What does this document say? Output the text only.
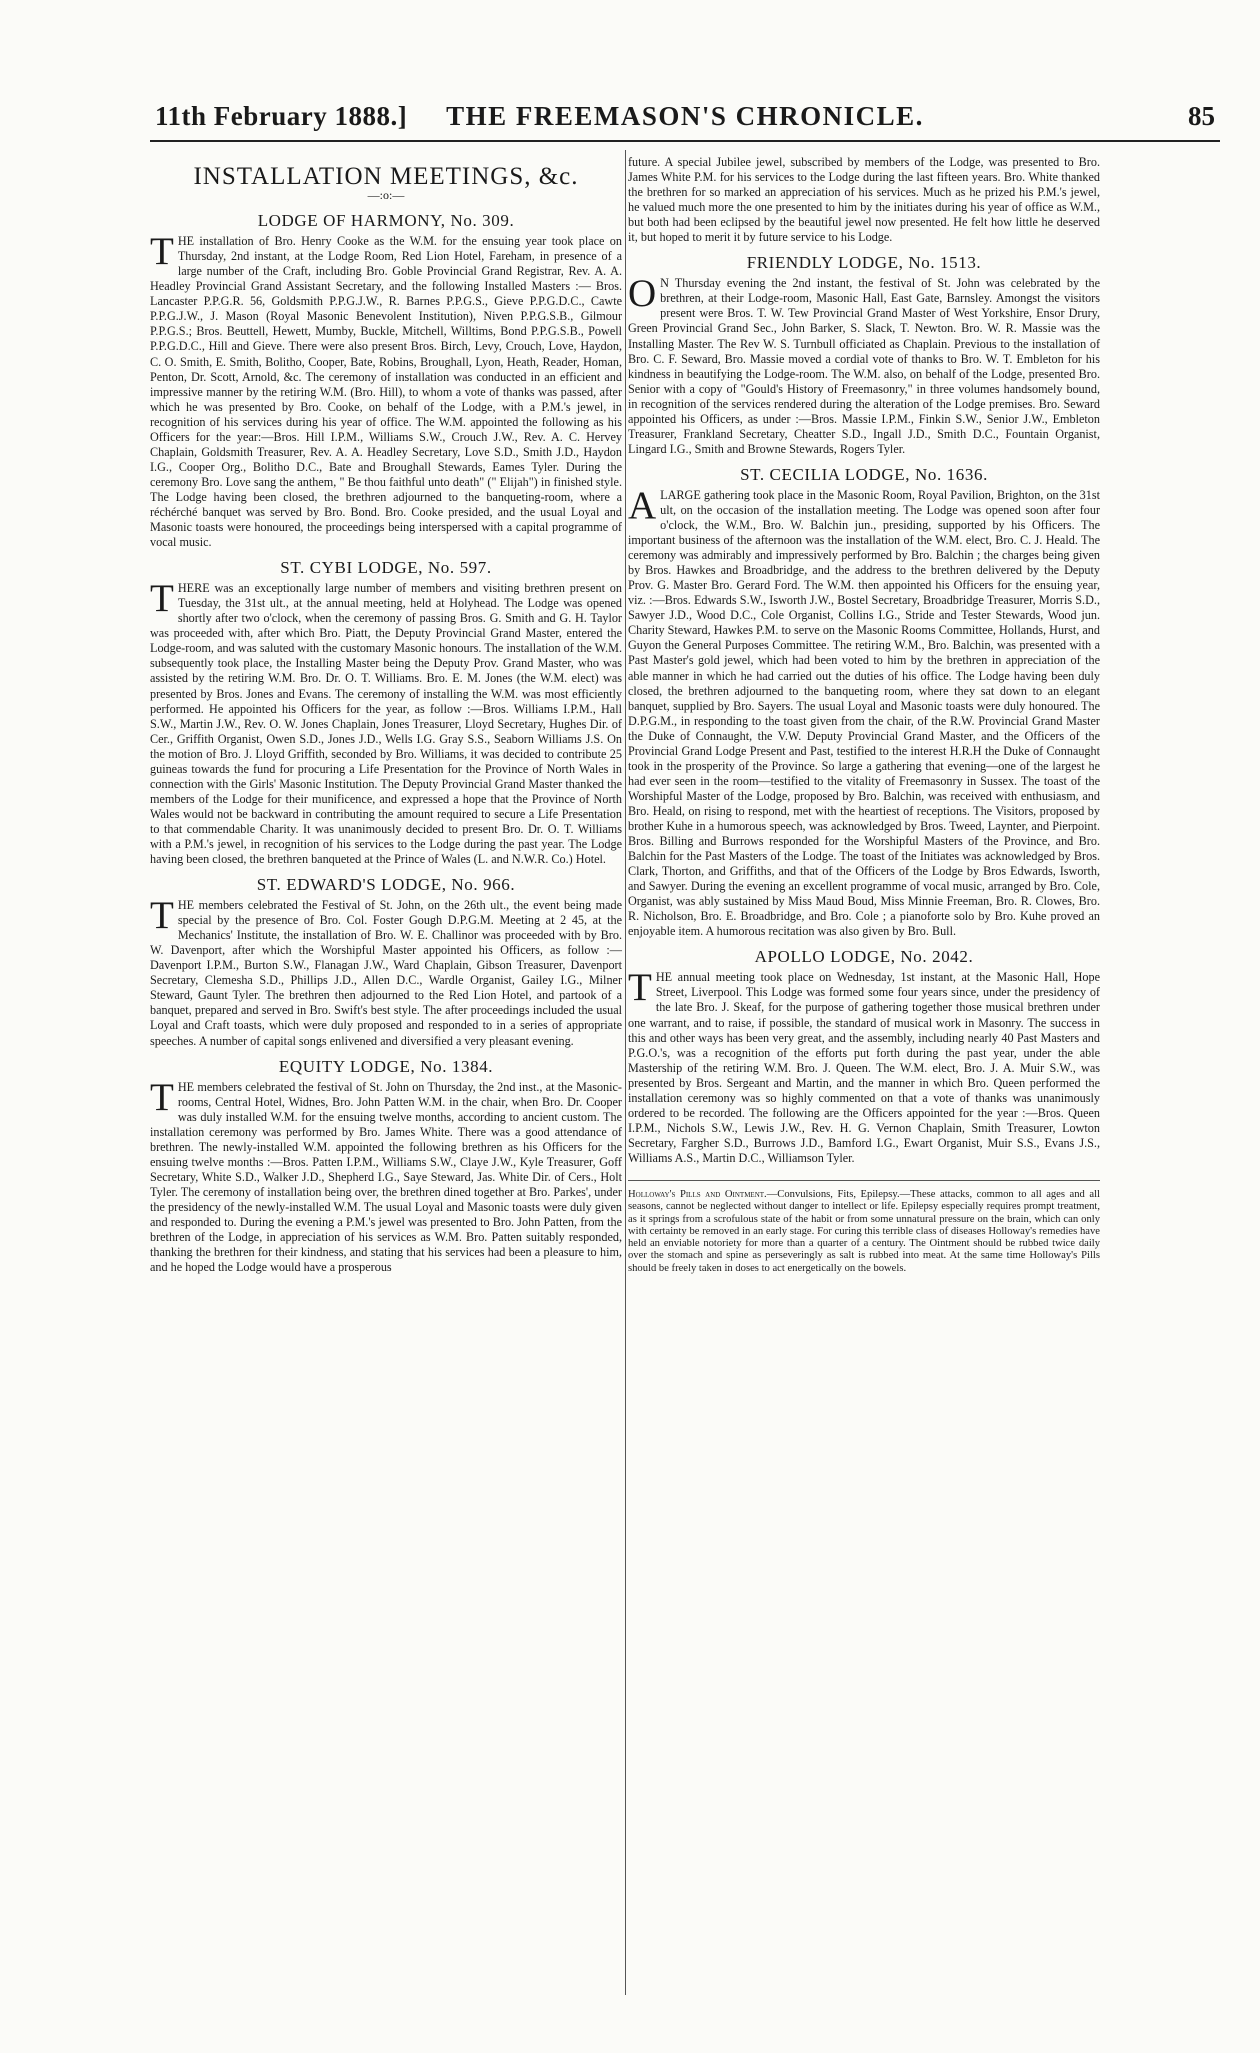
11th February 1888.]	THE FREEMASON'S CHRONICLE.	85
INSTALLATION MEETINGS, &c.
—:o:—
LODGE OF HARMONY, No. 309.

THE installation of Bro. Henry Cooke as the W.M. for the ensuing year took place on Thursday, 2nd instant, at the Lodge Room, Red Lion Hotel, Fareham, in presence of a large number of the Craft, including Bro. Goble Provincial Grand Registrar, Rev. A. A. Headley Provincial Grand Assistant Secretary, and the following Installed Masters :— Bros. Lancaster P.P.G.R. 56, Goldsmith P.P.G.J.W., R. Barnes P.P.G.S., Gieve P.P.G.D.C., Cawte P.P.G.J.W., J. Mason (Royal Masonic Benevolent Institution), Niven P.P.G.S.B., Gilmour P.P.G.S.; Bros. Beuttell, Hewett, Mumby, Buckle, Mitchell, Willtims, Bond P.P.G.S.B., Powell P.P.G.D.C., Hill and Gieve. There were also present Bros. Birch, Levy, Crouch, Love, Haydon, C. O. Smith, E. Smith, Bolitho, Cooper, Bate, Robins, Broughall, Lyon, Heath, Reader, Homan, Penton, Dr. Scott, Arnold, &c. The ceremony of installation was conducted in an efficient and impressive manner by the retiring W.M. (Bro. Hill), to whom a vote of thanks was passed, after which he was presented by Bro. Cooke, on behalf of the Lodge, with a P.M.'s jewel, in recognition of his services during his year of office. The W.M. appointed the following as his Officers for the year:—Bros. Hill I.P.M., Williams S.W., Crouch J.W., Rev. A. C. Hervey Chaplain, Goldsmith Treasurer, Rev. A. A. Headley Secretary, Love S.D., Smith J.D., Haydon I.G., Cooper Org., Bolitho D.C., Bate and Broughall Stewards, Eames Tyler. During the ceremony Bro. Love sang the anthem, " Be thou faithful unto death" (" Elijah") in finished style. The Lodge having been closed, the brethren adjourned to the banqueting-room, where a réchérché banquet was served by Bro. Bond. Bro. Cooke presided, and the usual Loyal and Masonic toasts were honoured, the proceedings being interspersed with a capital programme of vocal music.

ST. CYBI LODGE, No. 597.

THERE was an exceptionally large number of members and visiting brethren present on Tuesday, the 31st ult., at the annual meeting, held at Holyhead. The Lodge was opened shortly after two o'clock, when the ceremony of passing Bros. G. Smith and G. H. Taylor was proceeded with, after which Bro. Piatt, the Deputy Provincial Grand Master, entered the Lodge-room, and was saluted with the customary Masonic honours. The installation of the W.M. subsequently took place, the Installing Master being the Deputy Prov. Grand Master, who was assisted by the retiring W.M. Bro. Dr. O. T. Williams. Bro. E. M. Jones (the W.M. elect) was presented by Bros. Jones and Evans. The ceremony of installing the W.M. was most efficiently performed. He appointed his Officers for the year, as follow :—Bros. Williams I.P.M., Hall S.W., Martin J.W., Rev. O. W. Jones Chaplain, Jones Treasurer, Lloyd Secretary, Hughes Dir. of Cer., Griffith Organist, Owen S.D., Jones J.D., Wells I.G. Gray S.S., Seaborn Williams J.S. On the motion of Bro. J. Lloyd Griffith, seconded by Bro. Williams, it was decided to contribute 25 guineas towards the fund for procuring a Life Presentation for the Province of North Wales in connection with the Girls' Masonic Institution. The Deputy Provincial Grand Master thanked the members of the Lodge for their munificence, and expressed a hope that the Province of North Wales would not be backward in contributing the amount required to secure a Life Presentation to that commendable Charity. It was unanimously decided to present Bro. Dr. O. T. Williams with a P.M.'s jewel, in recognition of his services to the Lodge during the past year. The Lodge having been closed, the brethren banqueted at the Prince of Wales (L. and N.W.R. Co.) Hotel.

ST. EDWARD'S LODGE, No. 966.

THE members celebrated the Festival of St. John, on the 26th ult., the event being made special by the presence of Bro. Col. Foster Gough D.P.G.M. Meeting at 2 45, at the Mechanics' Institute, the installation of Bro. W. E. Challinor was proceeded with by Bro. W. Davenport, after which the Worshipful Master appointed his Officers, as follow :—Davenport I.P.M., Burton S.W., Flanagan J.W., Ward Chaplain, Gibson Treasurer, Davenport Secretary, Clemesha S.D., Phillips J.D., Allen D.C., Wardle Organist, Gailey I.G., Milner Steward, Gaunt Tyler. The brethren then adjourned to the Red Lion Hotel, and partook of a banquet, prepared and served in Bro. Swift's best style. The after proceedings included the usual Loyal and Craft toasts, which were duly proposed and responded to in a series of appropriate speeches. A number of capital songs enlivened and diversified a very pleasant evening.

EQUITY LODGE, No. 1384.

THE members celebrated the festival of St. John on Thursday, the 2nd inst., at the Masonic-rooms, Central Hotel, Widnes, Bro. John Patten W.M. in the chair, when Bro. Dr. Cooper was duly installed W.M. for the ensuing twelve months, according to ancient custom. The installation ceremony was performed by Bro. James White. There was a good attendance of brethren. The newly-installed W.M. appointed the following brethren as his Officers for the ensuing twelve months :—Bros. Patten I.P.M., Williams S.W., Claye J.W., Kyle Treasurer, Goff Secretary, White S.D., Walker J.D., Shepherd I.G., Saye Steward, Jas. White Dir. of Cers., Holt Tyler. The ceremony of installation being over, the brethren dined together at Bro. Parkes', under the presidency of the newly-installed W.M. The usual Loyal and Masonic toasts were duly given and responded to. During the evening a P.M.'s jewel was presented to Bro. John Patten, from the brethren of the Lodge, in appreciation of his services as W.M. Bro. Patten suitably responded, thanking the brethren for their kindness, and stating that his services had been a pleasure to him, and he hoped the Lodge would have a prosperous

future. A special Jubilee jewel, subscribed by members of the Lodge, was presented to Bro. James White P.M. for his services to the Lodge during the last fifteen years. Bro. White thanked the brethren for so marked an appreciation of his services. Much as he prized his P.M.'s jewel, he valued much more the one presented to him by the initiates during his year of office as W.M., but both had been eclipsed by the beautiful jewel now presented. He felt how little he deserved it, but hoped to merit it by future service to his Lodge.

FRIENDLY LODGE, No. 1513.

O N Thursday evening the 2nd instant, the festival of St. John was celebrated by the brethren, at their Lodge-room, Masonic Hall, East Gate, Barnsley. Amongst the visitors present were Bros. T. W. Tew Provincial Grand Master of West Yorkshire, Ensor Drury, Green Provincial Grand Sec., John Barker, S. Slack, T. Newton. Bro. W. R. Massie was the Installing Master. The Rev W. S. Turnbull officiated as Chaplain. Previous to the installation of Bro. C. F. Seward, Bro. Massie moved a cordial vote of thanks to Bro. W. T. Embleton for his kindness in beautifying the Lodge-room. The W.M. also, on behalf of the Lodge, presented Bro. Senior with a copy of "Gould's History of Freemasonry," in three volumes handsomely bound, in recognition of the services rendered during the alteration of the Lodge premises. Bro. Seward appointed his Officers, as under :—Bros. Massie I.P.M., Finkin S.W., Senior J.W., Embleton Treasurer, Frankland Secretary, Cheatter S.D., Ingall J.D., Smith D.C., Fountain Organist, Lingard I.G., Smith and Browne Stewards, Rogers Tyler.

ST. CECILIA LODGE, No. 1636.

ALARGE gathering took place in the Masonic Room, Royal Pavilion, Brighton, on the 31st ult, on the occasion of the installation meeting. The Lodge was opened soon after four o'clock, the W.M., Bro. W. Balchin jun., presiding, supported by his Officers. The important business of the afternoon was the installation of the W.M. elect, Bro. C. J. Heald. The ceremony was admirably and impressively performed by Bro. Balchin ; the charges being given by Bros. Hawkes and Broadbridge, and the address to the brethren delivered by the Deputy Prov. G. Master Bro. Gerard Ford. The W.M. then appointed his Officers for the ensuing year, viz. :—Bros. Edwards S.W., Isworth J.W., Bostel Secretary, Broadbridge Treasurer, Morris S.D., Sawyer J.D., Wood D.C., Cole Organist, Collins I.G., Stride and Tester Stewards, Wood jun. Charity Steward, Hawkes P.M. to serve on the Masonic Rooms Committee, Hollands, Hurst, and Guyon the General Purposes Committee. The retiring W.M., Bro. Balchin, was presented with a Past Master's gold jewel, which had been voted to him by the brethren in appreciation of the able manner in which he had carried out the duties of his office. The Lodge having been duly closed, the brethren adjourned to the banqueting room, where they sat down to an elegant banquet, supplied by Bro. Sayers. The usual Loyal and Masonic toasts were duly honoured. The D.P.G.M., in responding to the toast given from the chair, of the R.W. Provincial Grand Master the Duke of Connaught, the V.W. Deputy Provincial Grand Master, and the Officers of the Provincial Grand Lodge Present and Past, testified to the interest H.R.H the Duke of Connaught took in the prosperity of the Province. So large a gathering that evening—one of the largest he had ever seen in the room—testified to the vitality of Freemasonry in Sussex. The toast of the Worshipful Master of the Lodge, proposed by Bro. Balchin, was received with enthusiasm, and Bro. Heald, on rising to respond, met with the heartiest of receptions. The Visitors, proposed by brother Kuhe in a humorous speech, was acknowledged by Bros. Tweed, Laynter, and Pierpoint. Bros. Billing and Burrows responded for the Worshipful Masters of the Province, and Bro. Balchin for the Past Masters of the Lodge. The toast of the Initiates was acknowledged by Bros. Clark, Thorton, and Griffiths, and that of the Officers of the Lodge by Bros Edwards, Isworth, and Sawyer. During the evening an excellent programme of vocal music, arranged by Bro. Cole, Organist, was ably sustained by Miss Maud Boud, Miss Minnie Freeman, Bro. R. Clowes, Bro. R. Nicholson, Bro. E. Broadbridge, and Bro. Cole ; a pianoforte solo by Bro. Kuhe proved an enjoyable item. A humorous recitation was also given by Bro. Bull.

APOLLO LODGE, No. 2042.

THE annual meeting took place on Wednesday, 1st instant, at the Masonic Hall, Hope Street, Liverpool. This Lodge was formed some four years since, under the presidency of the late Bro. J. Skeaf, for the purpose of gathering together those musical brethren under one warrant, and to raise, if possible, the standard of musical work in Masonry. The success in this and other ways has been very great, and the assembly, including nearly 40 Past Masters and P.G.O.'s, was a recognition of the efforts put forth during the past year, under the able Mastership of the retiring W.M. Bro. J. Queen. The W.M. elect, Bro. J. A. Muir S.W., was presented by Bros. Sergeant and Martin, and the manner in which Bro. Queen performed the installation ceremony was so highly commented on that a vote of thanks was unanimously ordered to be recorded. The following are the Officers appointed for the year :—Bros. Queen I.P.M., Nichols S.W., Lewis J.W., Rev. H. G. Vernon Chaplain, Smith Treasurer, Lowton Secretary, Fargher S.D., Burrows J.D., Bamford I.G., Ewart Organist, Muir S.S., Evans J.S., Williams A.S., Martin D.C., Williamson Tyler.

Holloway's Pills and Ointment.—Convulsions, Fits, Epilepsy.—These attacks, common to all ages and all seasons, cannot be neglected without danger to intellect or life. Epilepsy especially requires prompt treatment, as it springs from a scrofulous state of the habit or from some unnatural pressure on the brain, which can only with certainty be removed in an early stage. For curing this terrible class of diseases Holloway's remedies have held an enviable notoriety for more than a quarter of a century. The Ointment should be rubbed twice daily over the stomach and spine as perseveringly as salt is rubbed into meat. At the same time Holloway's Pills should be freely taken in doses to act energetically on the bowels.
